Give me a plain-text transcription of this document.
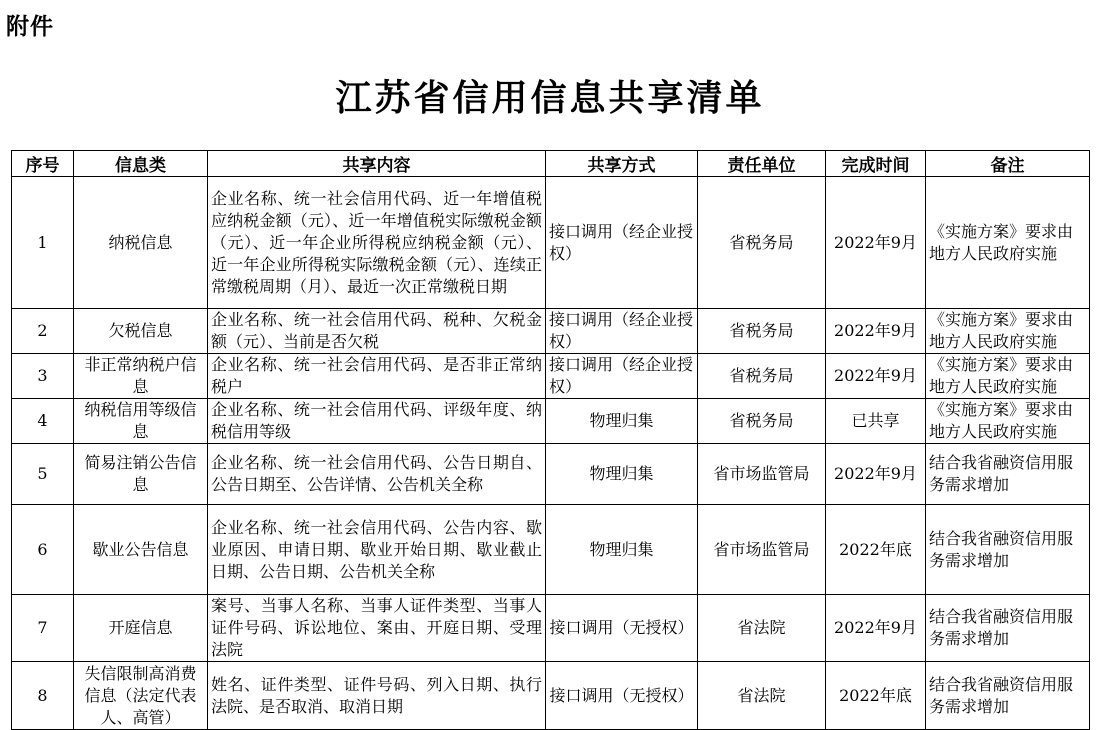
附件
江苏省信用信息共享清单
序号	信息类	共享内容	共享方式	责任单位	完成时间	备注
1	纳税信息	企业名称、统一社会信用代码、近一年增值税应纳税金额（元）、近一年增值税实际缴税金额（元）、近一年企业所得税应纳税金额（元）、近一年企业所得税实际缴税金额（元）、连续正常缴税周期（月）、最近一次正常缴税日期	接口调用（经企业授权）	省税务局	2022年9月	《实施方案》要求由地方人民政府实施
2	欠税信息	企业名称、统一社会信用代码、税种、欠税金额（元）、当前是否欠税	接口调用（经企业授权）	省税务局	2022年9月	《实施方案》要求由地方人民政府实施
3	非正常纳税户信息	企业名称、统一社会信用代码、是否非正常纳税户	接口调用（经企业授权）	省税务局	2022年9月	《实施方案》要求由地方人民政府实施
4	纳税信用等级信息	企业名称、统一社会信用代码、评级年度、纳税信用等级	物理归集	省税务局	已共享	《实施方案》要求由地方人民政府实施
5	简易注销公告信息	企业名称、统一社会信用代码、公告日期自、公告日期至、公告详情、公告机关全称	物理归集	省市场监管局	2022年9月	结合我省融资信用服务需求增加
6	歇业公告信息	企业名称、统一社会信用代码、公告内容、歇业原因、申请日期、歇业开始日期、歇业截止日期、公告日期、公告机关全称	物理归集	省市场监管局	2022年底	结合我省融资信用服务需求增加
7	开庭信息	案号、当事人名称、当事人证件类型、当事人证件号码、诉讼地位、案由、开庭日期、受理法院	接口调用（无授权）	省法院	2022年9月	结合我省融资信用服务需求增加
8	失信限制高消费信息（法定代表人、高管）	姓名、证件类型、证件号码、列入日期、执行法院、是否取消、取消日期	接口调用（无授权）	省法院	2022年底	结合我省融资信用服务需求增加
